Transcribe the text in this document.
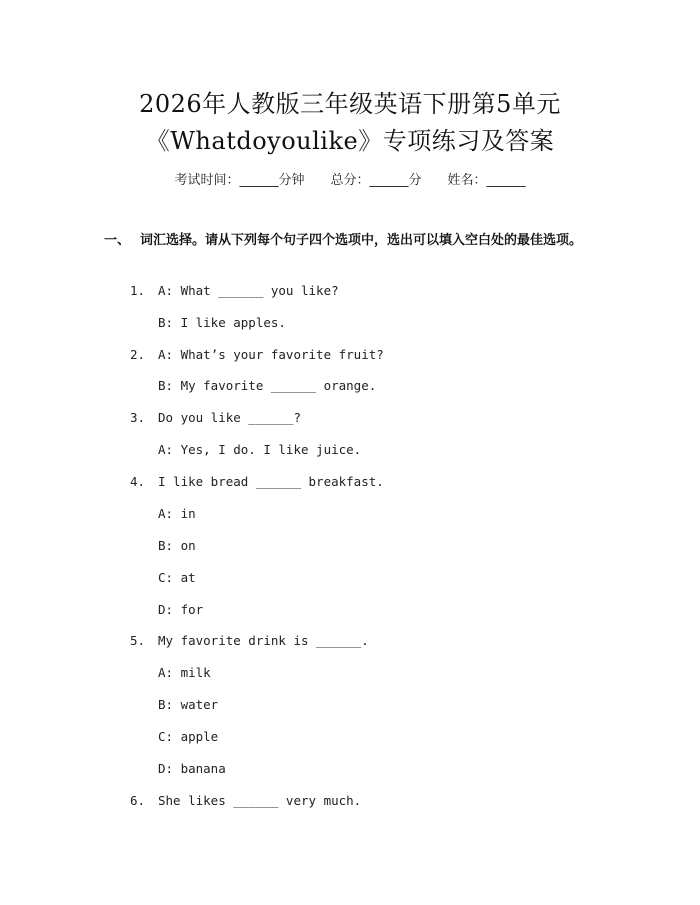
2026年人教版三年级英语下册第5单元
《Whatdoyoulike》专项练习及答案
考试时间：______分钟 总分：______分 姓名：______
一、 词汇选择。请从下列每个句子四个选项中，选出可以填入空白处的最佳选项。
1. A: What ______ you like?
B: I like apples.
2. A: What’s your favorite fruit?
B: My favorite ______ orange.
3. Do you like ______?
A: Yes, I do. I like juice.
4. I like bread ______ breakfast.
A: in
B: on
C: at
D: for
5. My favorite drink is ______.
A: milk
B: water
C: apple
D: banana
6. She likes ______ very much.
